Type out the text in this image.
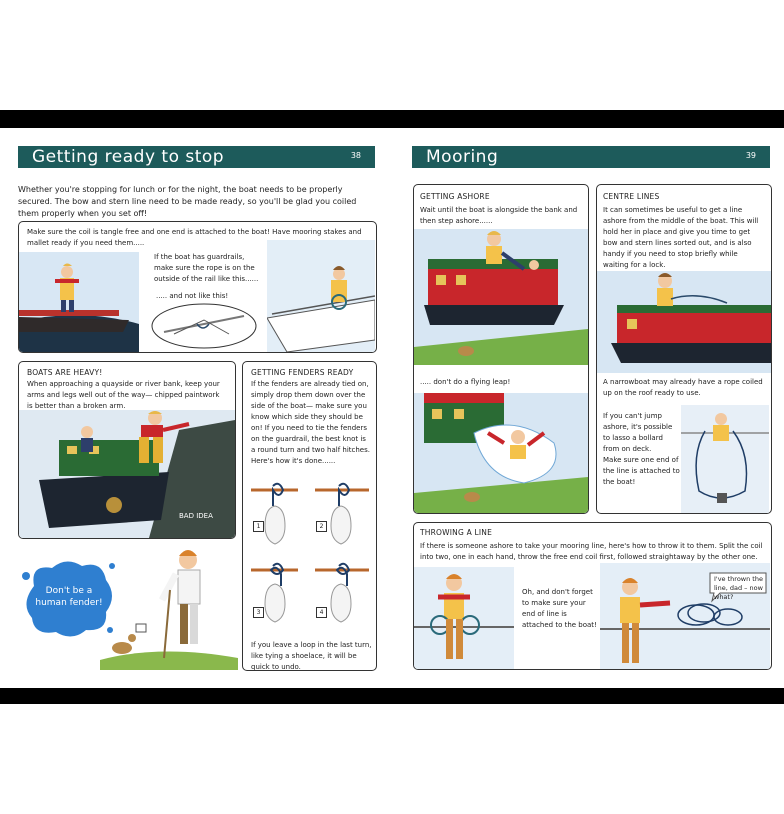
Getting ready to stop	38
Whether you're stopping for lunch or for the night, the boat needs to be properly secured. The bow and stern line need to be made ready, so you'll be glad you coiled them properly when you set off!
Make sure the coil is tangle free and one end is attached to the boat! Have mooring stakes and mallet ready if you need them.....
If the boat has guardrails, make sure the rope is on the outside of the rail like this......
..... and not like this!
BOATS ARE HEAVY!
When approaching a quayside or river bank, keep your arms and legs well out of the way— chipped paintwork is better than a broken arm.
BAD IDEA
GETTING FENDERS READY
If the fenders are already tied on, simply drop them down over the side of the boat— make sure you know which side they should be on! If you need to tie the fenders on the guardrail, the best knot is a round turn and two half hitches. Here's how it's done......
1	2
3	4
If you leave a loop in the last turn, like tying a shoelace, it will be quick to undo.
Don't be a
human fender!
Mooring	39
GETTING ASHORE
Wait until the boat is alongside the bank and then step ashore......
..... don't do a flying leap!
CENTRE LINES
It can sometimes be useful to get a line ashore from the middle of the boat. This will hold her in place and give you time to get bow and stern lines sorted out, and is also handy if you need to stop briefly while waiting for a lock.
A narrowboat may already have a rope coiled up on the roof ready to use.
If you can't jump ashore, it's possible to lasso a bollard from on deck.
Make sure one end of the line is attached to the boat!
THROWING A LINE
If there is someone ashore to take your mooring line, here's how to throw it to them. Split the coil into two, one in each hand, throw the free end coil first, followed straightaway by the other one.
Oh, and don't forget to make sure your end of line is attached to the boat!
I've thrown the line, dad – now what?
